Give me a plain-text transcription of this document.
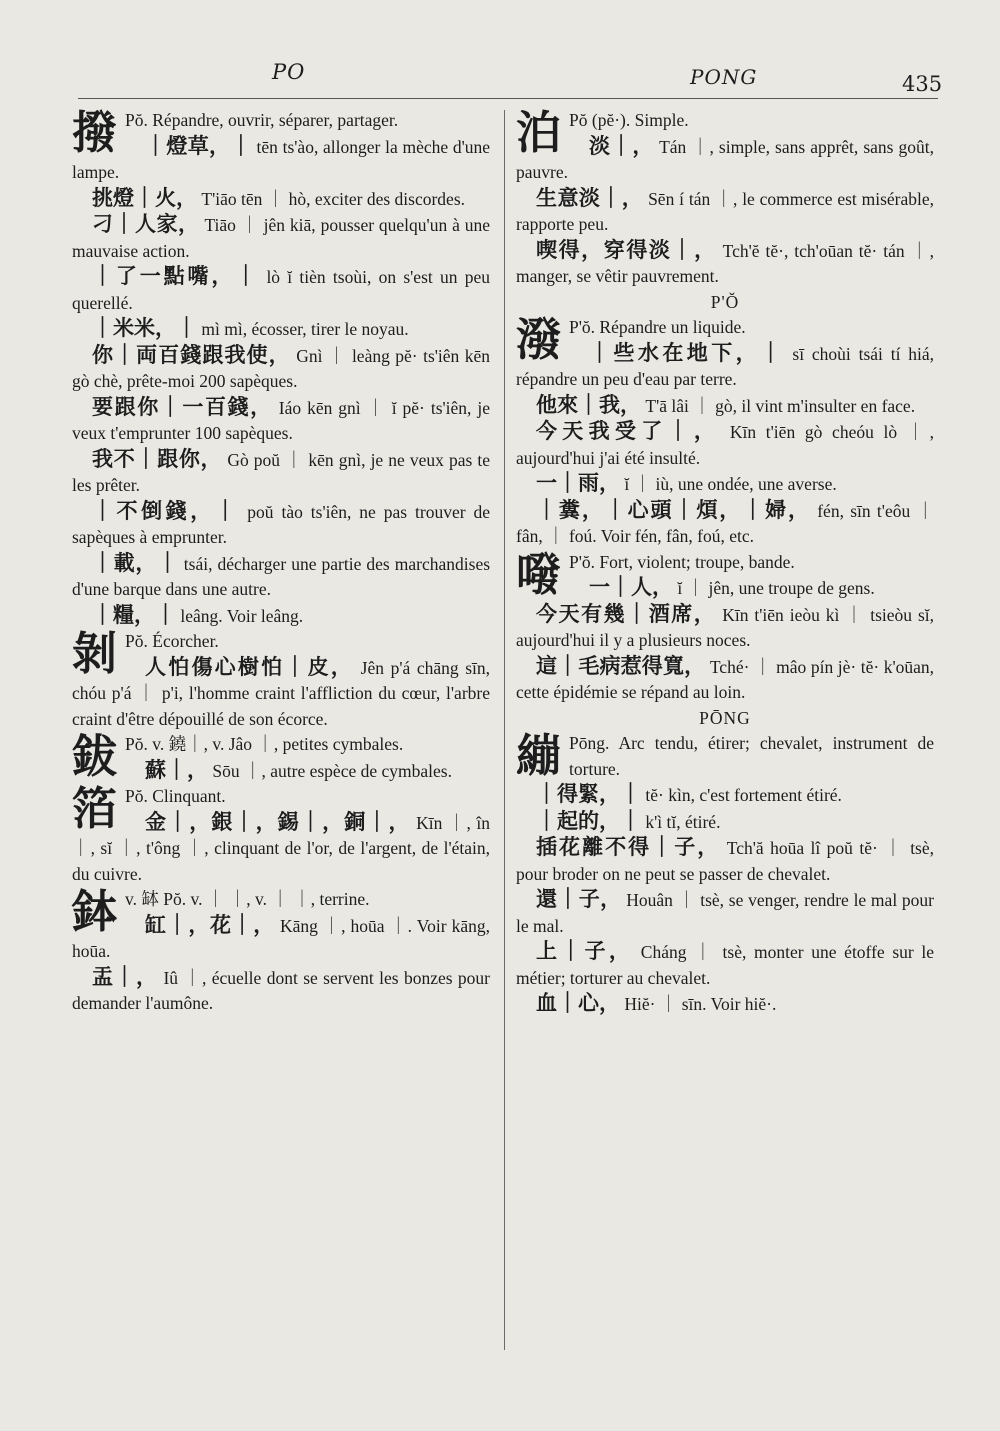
PO	PONG	435

撥 Pŏ. Répandre, ouvrir, séparer, partager.

｜燈草，｜ tēn ts'ào, allonger la mèche d'une lampe.

挑燈｜火， T'iāo tēn ｜ hò, exciter des discordes.

刁｜人家， Tiāo ｜ jên kiā, pousser quelqu'un à une mauvaise action.

｜了一點嘴，｜ lò ĭ tièn tsoùi, on s'est un peu querellé.

｜米米，｜ mì mì, écosser, tirer le noyau.

你｜両百錢跟我使， Gnì ｜ leàng pĕ· ts'iên kēn gò chè, prête-moi 200 sapèques.

要跟你｜一百錢， Iáo kēn gnì ｜ ĭ pĕ· ts'iên, je veux t'emprunter 100 sapèques.

我不｜跟你， Gò poŭ ｜ kēn gnì, je ne veux pas te les prêter.

｜不倒錢，｜ poŭ tào ts'iên, ne pas trouver de sapèques à emprunter.

｜載，｜ tsái, décharger une partie des marchandises d'une barque dans une autre.

｜糧，｜ leâng. Voir leâng.

剝 Pŏ. Écorcher.

人怕傷心樹怕｜皮， Jên p'á chāng sīn, chóu p'á ｜ p'i, l'homme craint l'affliction du cœur, l'arbre craint d'être dépouillé de son écorce.

鈸 Pŏ. v. 鐃｜, v. Jâo ｜, petites cymbales.

蘇｜， Sōu ｜, autre espèce de cymbales.

箔 Pŏ. Clinquant.

金｜，銀｜，錫｜，銅｜， Kīn ｜, în ｜, sĭ ｜, t'ông ｜, clinquant de l'or, de l'argent, de l'étain, du cuivre.

鉢v. 缽 Pŏ. v. ｜ ｜, v. ｜ ｜, terrine.

缸｜，花｜， Kāng ｜, hoūa ｜. Voir kāng, hoūa.

盂｜， Iû ｜, écuelle dont se servent les bonzes pour demander l'aumône.

泊 Pŏ (pĕ·). Simple.

淡｜， Tán ｜, simple, sans apprêt, sans goût, pauvre.

生意淡｜， Sēn í tán ｜, le commerce est misérable, rapporte peu.

喫得，穿得淡｜， Tch'ĕ tĕ·, tch'oūan tĕ· tán ｜, manger, se vêtir pauvrement.

P'Ŏ

潑 P'ŏ. Répandre un liquide.

｜些水在地下，｜ sī choùi tsái tí hiá, répandre un peu d'eau par terre.

他來｜我， T'ā lâi ｜ gò, il vint m'insulter en face.

今天我受了｜， Kīn t'iēn gò cheóu lò ｜, aujourd'hui j'ai été insulté.

一｜雨， ĭ ｜ iù, une ondée, une averse.

｜糞，｜心頭｜煩，｜婦， fén, sīn t'eôu ｜ fân, ｜ foú. Voir fén, fân, foú, etc.

㗶 P'ŏ. Fort, violent; troupe, bande.

一｜人， ĭ ｜ jên, une troupe de gens.

今天有幾｜酒席， Kīn t'iēn ieòu kì ｜ tsieòu sĭ, aujourd'hui il y a plusieurs noces.

這｜毛病惹得寬， Tché· ｜ mâo pín jè· tĕ· k'oūan, cette épidémie se répand au loin.

PŌNG

繃 Pōng. Arc tendu, étirer; chevalet, instrument de torture.

｜得緊，｜ tĕ· kìn, c'est fortement étiré.

｜起的，｜ k'ì tĭ, étiré.

插花離不得｜子， Tch'ă hoūa lî poŭ tĕ· ｜ tsè, pour broder on ne peut se passer de chevalet.

還｜子， Houân ｜ tsè, se venger, rendre le mal pour le mal.

上｜子， Cháng ｜ tsè, monter une étoffe sur le métier; torturer au chevalet.

血｜心， Hiĕ· ｜ sīn. Voir hiĕ·.
